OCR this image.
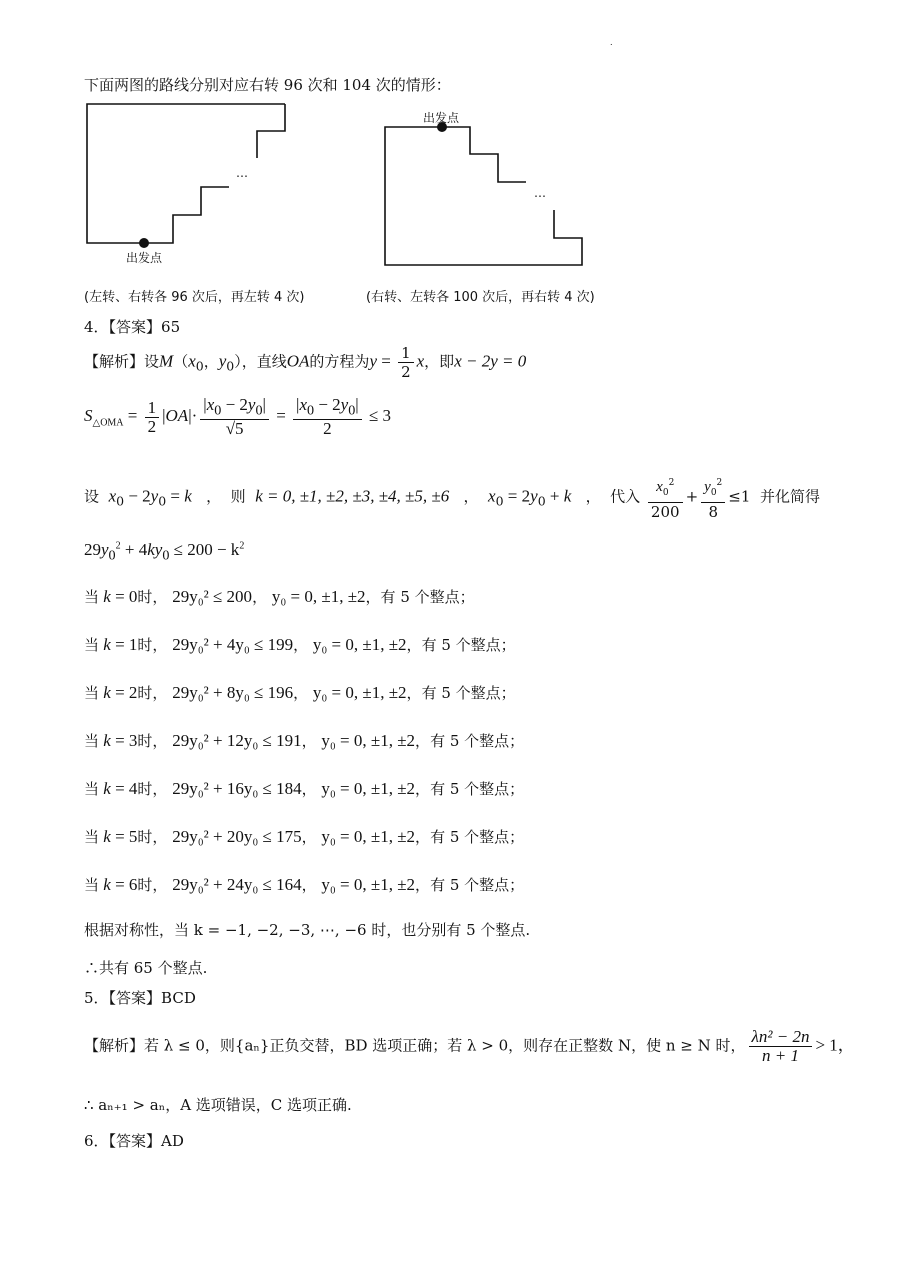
.
下面两图的路线分别对应右转 96 次和 104 次的情形：
…
…
出发点
出发点
(左转、右转各 96 次后，再左转 4 次)	(右转、左转各 100 次后，再右转 4 次)
4．【答案】65
【解析】设$M(x_0$，$y_0$），直线OA的方程为$y = \frac{1}{2}$ x，即x − 2y = 0
$S_{\triangle OMA} = \frac{1}{2} |OA|\cdot \frac{|x_0 - 2y_0|}{√5} = \frac{|x_0 - 2y_0|}{2} \le 3$
设 $x_0 - 2y_0 = k$   ，  则 k = 0, ±1, ±2, ±3, ±4, ±5, ±6   ，  $x_0 = 2y_0 + k$   ，  代入 $\frac{x_0^2}{200} + \frac{y_0^2}{8} \le 1$  并化简得
$29y_0^2 + 4ky_0 \le 200 - k^2$
当 k = 0时， 29y₀² ≤ 200， y₀ = 0, ±1, ±2，有 5 个整点；
当 k = 1时， 29y₀² + 4y₀ ≤ 199， y₀ = 0, ±1, ±2，有 5 个整点；
当 k = 2时， 29y₀² + 8y₀ ≤ 196， y₀ = 0, ±1, ±2，有 5 个整点；
当 k = 3时， 29y₀² + 12y₀ ≤ 191， y₀ = 0, ±1, ±2，有 5 个整点；
当 k = 4时， 29y₀² + 16y₀ ≤ 184， y₀ = 0, ±1, ±2，有 5 个整点；
当 k = 5时， 29y₀² + 20y₀ ≤ 175， y₀ = 0, ±1, ±2，有 5 个整点；
当 k = 6时， 29y₀² + 24y₀ ≤ 164， y₀ = 0, ±1, ±2，有 5 个整点；
根据对称性，当 k = −1, −2, −3, ⋯, −6 时，也分别有 5 个整点.
∴共有 65 个整点.
5．【答案】BCD
【解析】若 λ ≤ 0，则{aₙ}正负交替，BD 选项正确；若 λ > 0，则存在正整数 N，使 n ≥ N 时， $\frac{\text{λn² − 2n}}{n + 1} > 1$，
∴ aₙ₊₁ > aₙ，A 选项错误，C 选项正确.
6．【答案】AD
